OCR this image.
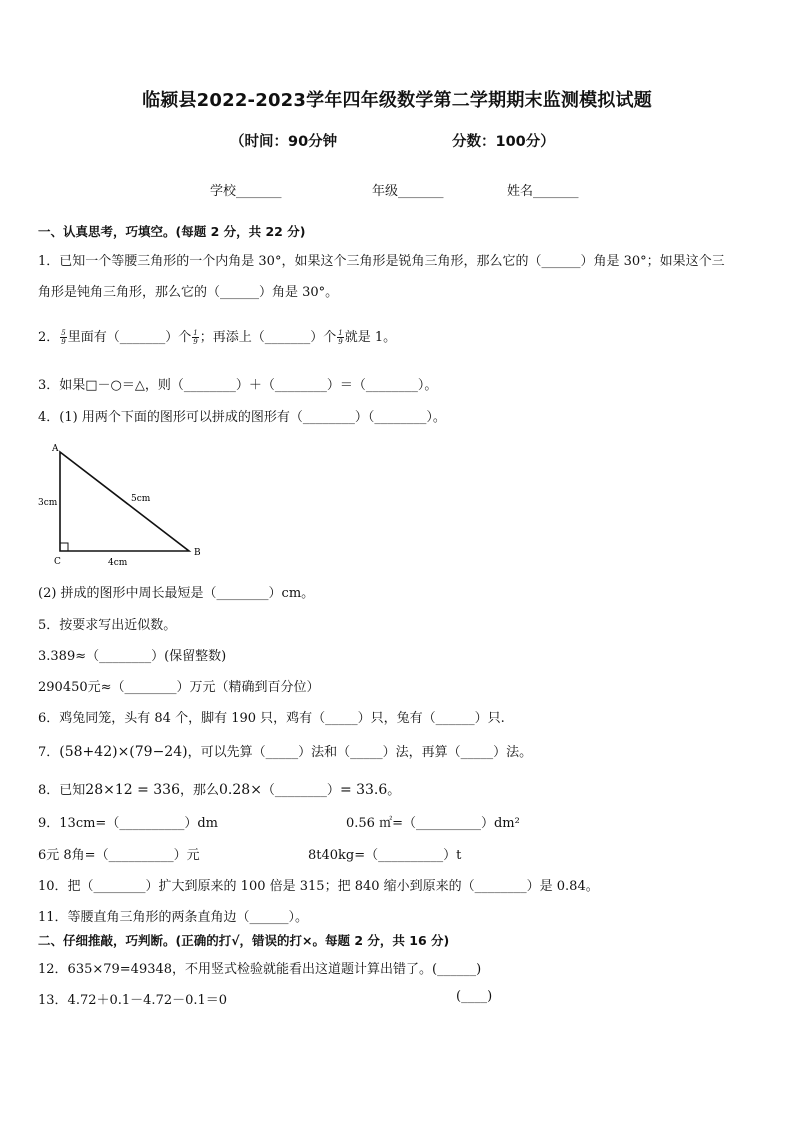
临颍县2022-2023学年四年级数学第二学期期末监测模拟试题
（时间：90分钟	分数：100分）
学校_______	年级_______	姓名_______
一、认真思考，巧填空。(每题 2 分，共 22 分)
1．已知一个等腰三角形的一个内角是 30°，如果这个三角形是锐角三角形，那么它的（______）角是 30°；如果这个三
角形是钝角三角形，那么它的（______）角是 30°。
2． $\frac{5}{9}$ 里面有（_______）个 $\frac{1}{9}$ ；再添上（_______）个 $\frac{1}{9}$ 就是 1。
3．如果□－○＝△，则（________）＋（________）＝（________）。
4．(1) 用两个下面的图形可以拼成的图形有（________）（________）。
A
C
B
3cm	5cm
4cm
(2) 拼成的图形中周长最短是（________）cm。
5．按要求写出近似数。
3.389≈（________）(保留整数)
290450元≈（________）万元（精确到百分位）
6．鸡兔同笼，头有 84 个，脚有 190 只，鸡有（_____）只，兔有（______）只.
7．(58+42)×(79−24)，可以先算（_____）法和（_____）法，再算（_____）法。
8．已知28×12 = 336，那么0.28×（________）= 33.6。
9．13cm=（__________）dm	0.56 ㎡=（__________）dm²
6元 8角=（__________）元	8t40kg=（__________）t
10．把（________）扩大到原来的 100 倍是 315；把 840 缩小到原来的（________）是 0.84。
11．等腰直角三角形的两条直角边（______）。
二、仔细推敲，巧判断。(正确的打√，错误的打×。每题 2 分，共 16 分)
12．635×79=49348，不用竖式检验就能看出这道题计算出错了。(______)
13．4.72＋0.1－4.72－0.1＝0	(____)
